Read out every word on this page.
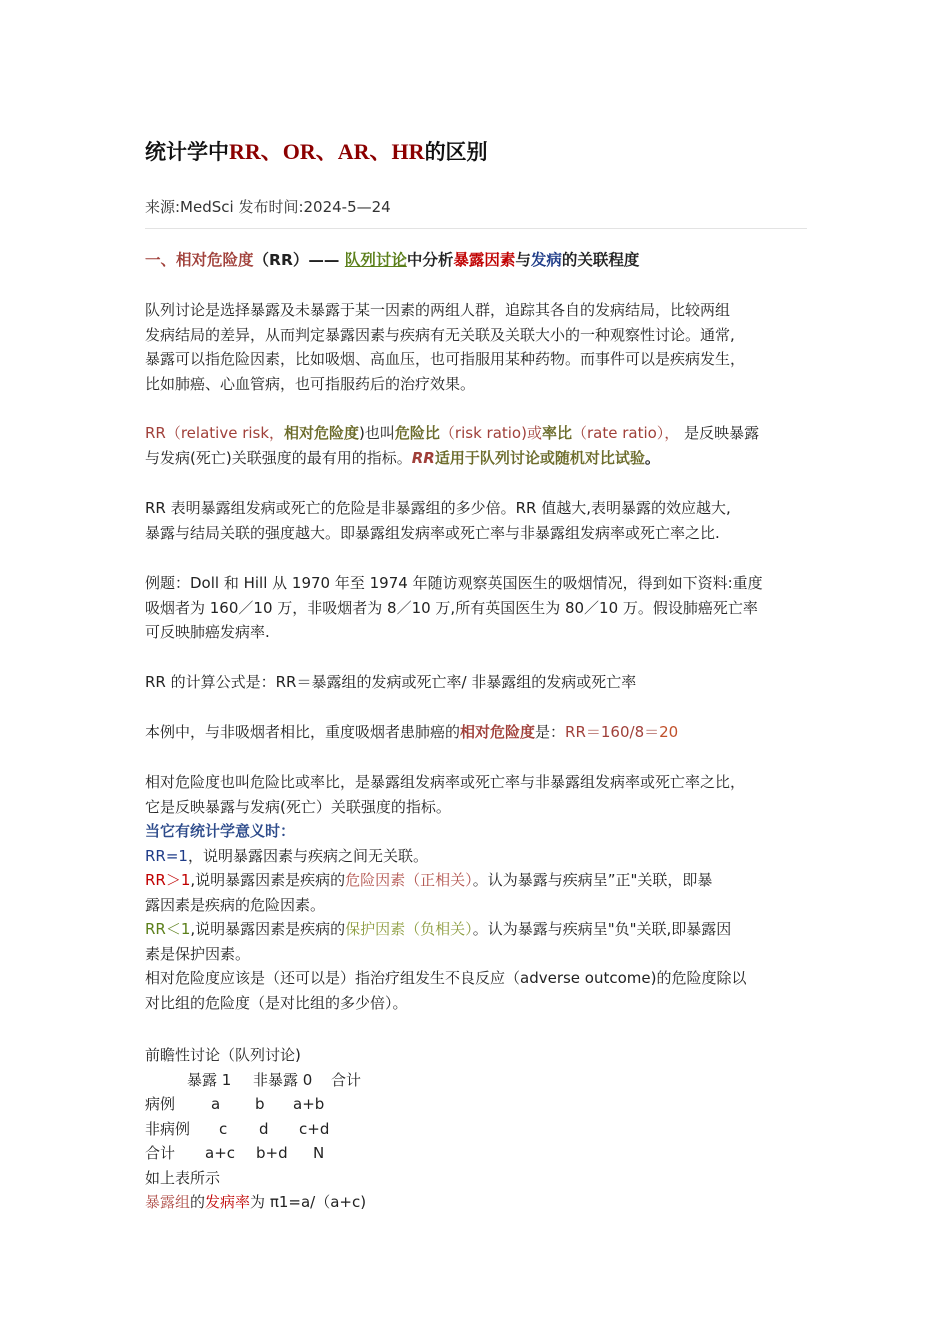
统计学中RR、OR、AR、HR的区别
来源:MedSci 发布时间:2024-5—24
一、相对危险度（RR）—— 队列讨论中分析暴露因素与发病的关联程度
队列讨论是选择暴露及未暴露于某一因素的两组人群，追踪其各自的发病结局，比较两组
发病结局的差异，从而判定暴露因素与疾病有无关联及关联大小的一种观察性讨论。通常,
暴露可以指危险因素，比如吸烟、高血压，也可指服用某种药物。而事件可以是疾病发生，
比如肺癌、心血管病，也可指服药后的治疗效果。
RR（relative risk，相对危险度)也叫危险比（risk ratio)或率比（rate ratio）， 是反映暴露
与发病(死亡)关联强度的最有用的指标。RR适用于队列讨论或随机对比试验。
RR 表明暴露组发病或死亡的危险是非暴露组的多少倍。RR 值越大,表明暴露的效应越大,
暴露与结局关联的强度越大。即暴露组发病率或死亡率与非暴露组发病率或死亡率之比.
例题：Doll 和 Hill 从 1970 年至 1974 年随访观察英国医生的吸烟情况，得到如下资料:重度
吸烟者为 160／10 万，非吸烟者为 8／10 万,所有英国医生为 80／10 万。假设肺癌死亡率
可反映肺癌发病率.
RR 的计算公式是：RR＝暴露组的发病或死亡率/ 非暴露组的发病或死亡率
本例中，与非吸烟者相比，重度吸烟者患肺癌的相对危险度是：RR＝160/8＝20
相对危险度也叫危险比或率比，是暴露组发病率或死亡率与非暴露组发病率或死亡率之比，
它是反映暴露与发病(死亡）关联强度的指标。
当它有统计学意义时：
RR=1，说明暴露因素与疾病之间无关联。
RR＞1,说明暴露因素是疾病的危险因素（正相关）。认为暴露与疾病呈”正"关联，即暴
露因素是疾病的危险因素。
RR＜1,说明暴露因素是疾病的保护因素（负相关）。认为暴露与疾病呈"负"关联,即暴露因
素是保护因素。
相对危险度应该是（还可以是）指治疗组发生不良反应（adverse outcome)的危险度除以
对比组的危险度（是对比组的多少倍）。
前瞻性讨论（队列讨论)
暴露 1 非暴露 0 合计
病例 a b a+b
非病例 c d c+d
合计 a+c b+d N
如上表所示
暴露组的发病率为 π1=a/（a+c)
